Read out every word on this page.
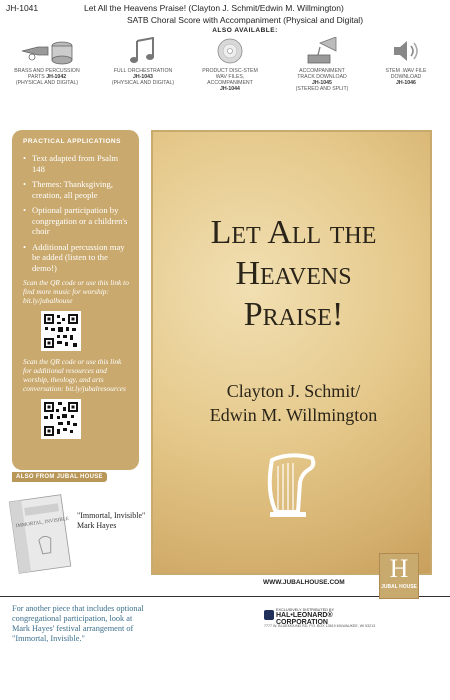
JH-1041	Let All the Heavens Praise! (Clayton J. Schmit/Edwin M. Willmington)
SATB Choral Score with Accompaniment (Physical and Digital)
ALSO AVAILABLE:
BRASS AND PERCUSSION
PARTS JH-1042
(PHYSICAL AND DIGITAL)
FULL ORCHESTRATION
JH-1043
(PHYSICAL AND DIGITAL)
PRODUCT DISC-STEM
WAV FILES,
ACCOMPANIMENT
JH-1044
ACCOMPANIMENT
TRACK DOWNLOAD
JH-1045
(STEREO AND SPLIT)
STEM .WAV FILE
DOWNLOAD
JH-1046
PRACTICAL APPLICATIONS
• Text adapted from Psalm 148
• Themes: Thanksgiving, creation, all people
• Optional participation by congregation or a children's choir
• Additional percussion may be added (listen to the demo!)
Scan the QR code or use this link to find more music for worship: bit.ly/jubalhouse
Scan the QR code or use this link for additional resources and worship, theology, and arts conversation: bit.ly/jubalresources
ALSO FROM JUBAL HOUSE
IMMORTAL, INVISIBLE
"Immortal, Invisible" Mark Hayes
For another piece that includes optional congregational participation, look at Mark Hayes' festival arrangement of "Immortal, Invisible."
Let All the
Heavens
Praise!
Clayton J. Schmit/
Edwin M. Willmington
WWW.JUBALHOUSE.COM	H
JUBAL HOUSE
EXCLUSIVELY DISTRIBUTED BY
HAL•LEONARD® CORPORATION
7777 W. BLUEMOUND RD. P.O. BOX 13819 MILWAUKEE, WI 53213
